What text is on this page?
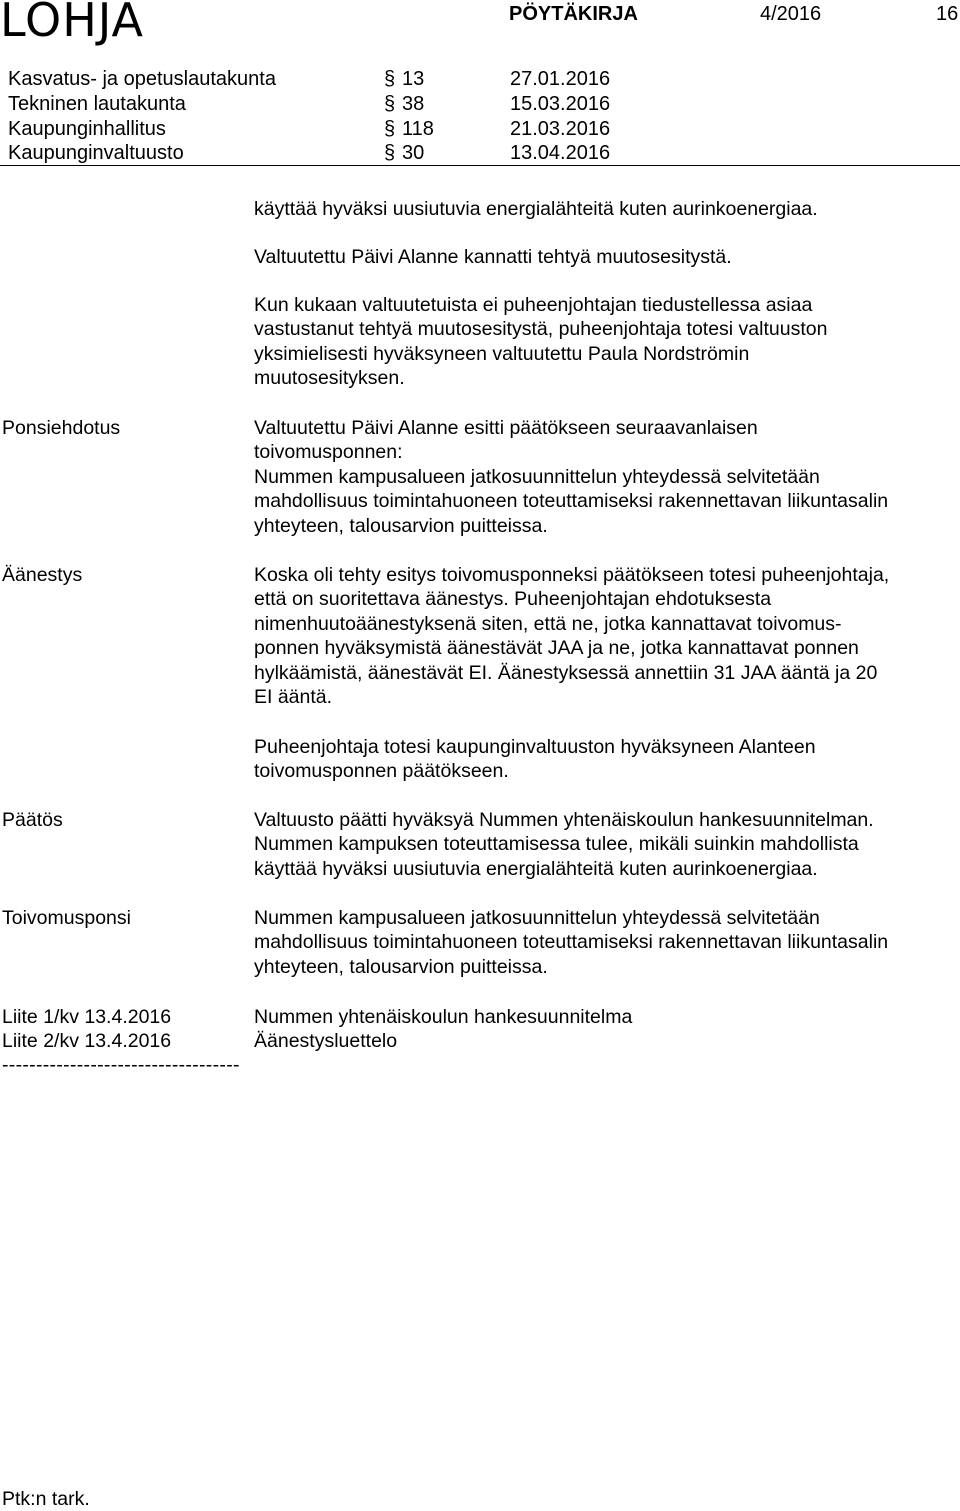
LOHJA	PÖYTÄKIRJA	4/2016	16
Kasvatus- ja opetuslautakunta	§ 13	27.01.2016
Tekninen lautakunta	§ 38	15.03.2016
Kaupunginhallitus	§ 118	21.03.2016
Kaupunginvaltuusto	§ 30	13.04.2016
käyttää hyväksi uusiutuvia energialähteitä kuten aurinkoenergiaa.
Valtuutettu Päivi Alanne kannatti tehtyä muutosesitystä.
Kun kukaan valtuutetuista ei puheenjohtajan tiedustellessa asiaa
vastustanut tehtyä muutosesitystä, puheenjohtaja totesi valtuuston
yksimielisesti hyväksyneen valtuutettu Paula Nordströmin
muutosesityksen.
Ponsiehdotus	Valtuutettu Päivi Alanne esitti päätökseen seuraavanlaisen
toivomusponnen:
Nummen kampusalueen jatkosuunnittelun yhteydessä selvitetään
mahdollisuus toimintahuoneen toteuttamiseksi rakennettavan liikuntasalin
yhteyteen, talousarvion puitteissa.
Äänestys	Koska oli tehty esitys toivomusponneksi päätökseen totesi puheenjohtaja,
että on suoritettava äänestys. Puheenjohtajan ehdotuksesta
nimenhuutoäänestyksenä siten, että ne, jotka kannattavat toivomus-
ponnen hyväksymistä äänestävät JAA ja ne, jotka kannattavat ponnen
hylkäämistä, äänestävät EI. Äänestyksessä annettiin 31 JAA ääntä ja 20
EI ääntä.
Puheenjohtaja totesi kaupunginvaltuuston hyväksyneen Alanteen
toivomusponnen päätökseen.
Päätös	Valtuusto päätti hyväksyä Nummen yhtenäiskoulun hankesuunnitelman.
Nummen kampuksen toteuttamisessa tulee, mikäli suinkin mahdollista
käyttää hyväksi uusiutuvia energialähteitä kuten aurinkoenergiaa.
Toivomusponsi	Nummen kampusalueen jatkosuunnittelun yhteydessä selvitetään
mahdollisuus toimintahuoneen toteuttamiseksi rakennettavan liikuntasalin
yhteyteen, talousarvion puitteissa.
Liite 1/kv 13.4.2016	Nummen yhtenäiskoulun hankesuunnitelma
Liite 2/kv 13.4.2016	Äänestysluettelo
-----------------------------------
Ptk:n tark.
